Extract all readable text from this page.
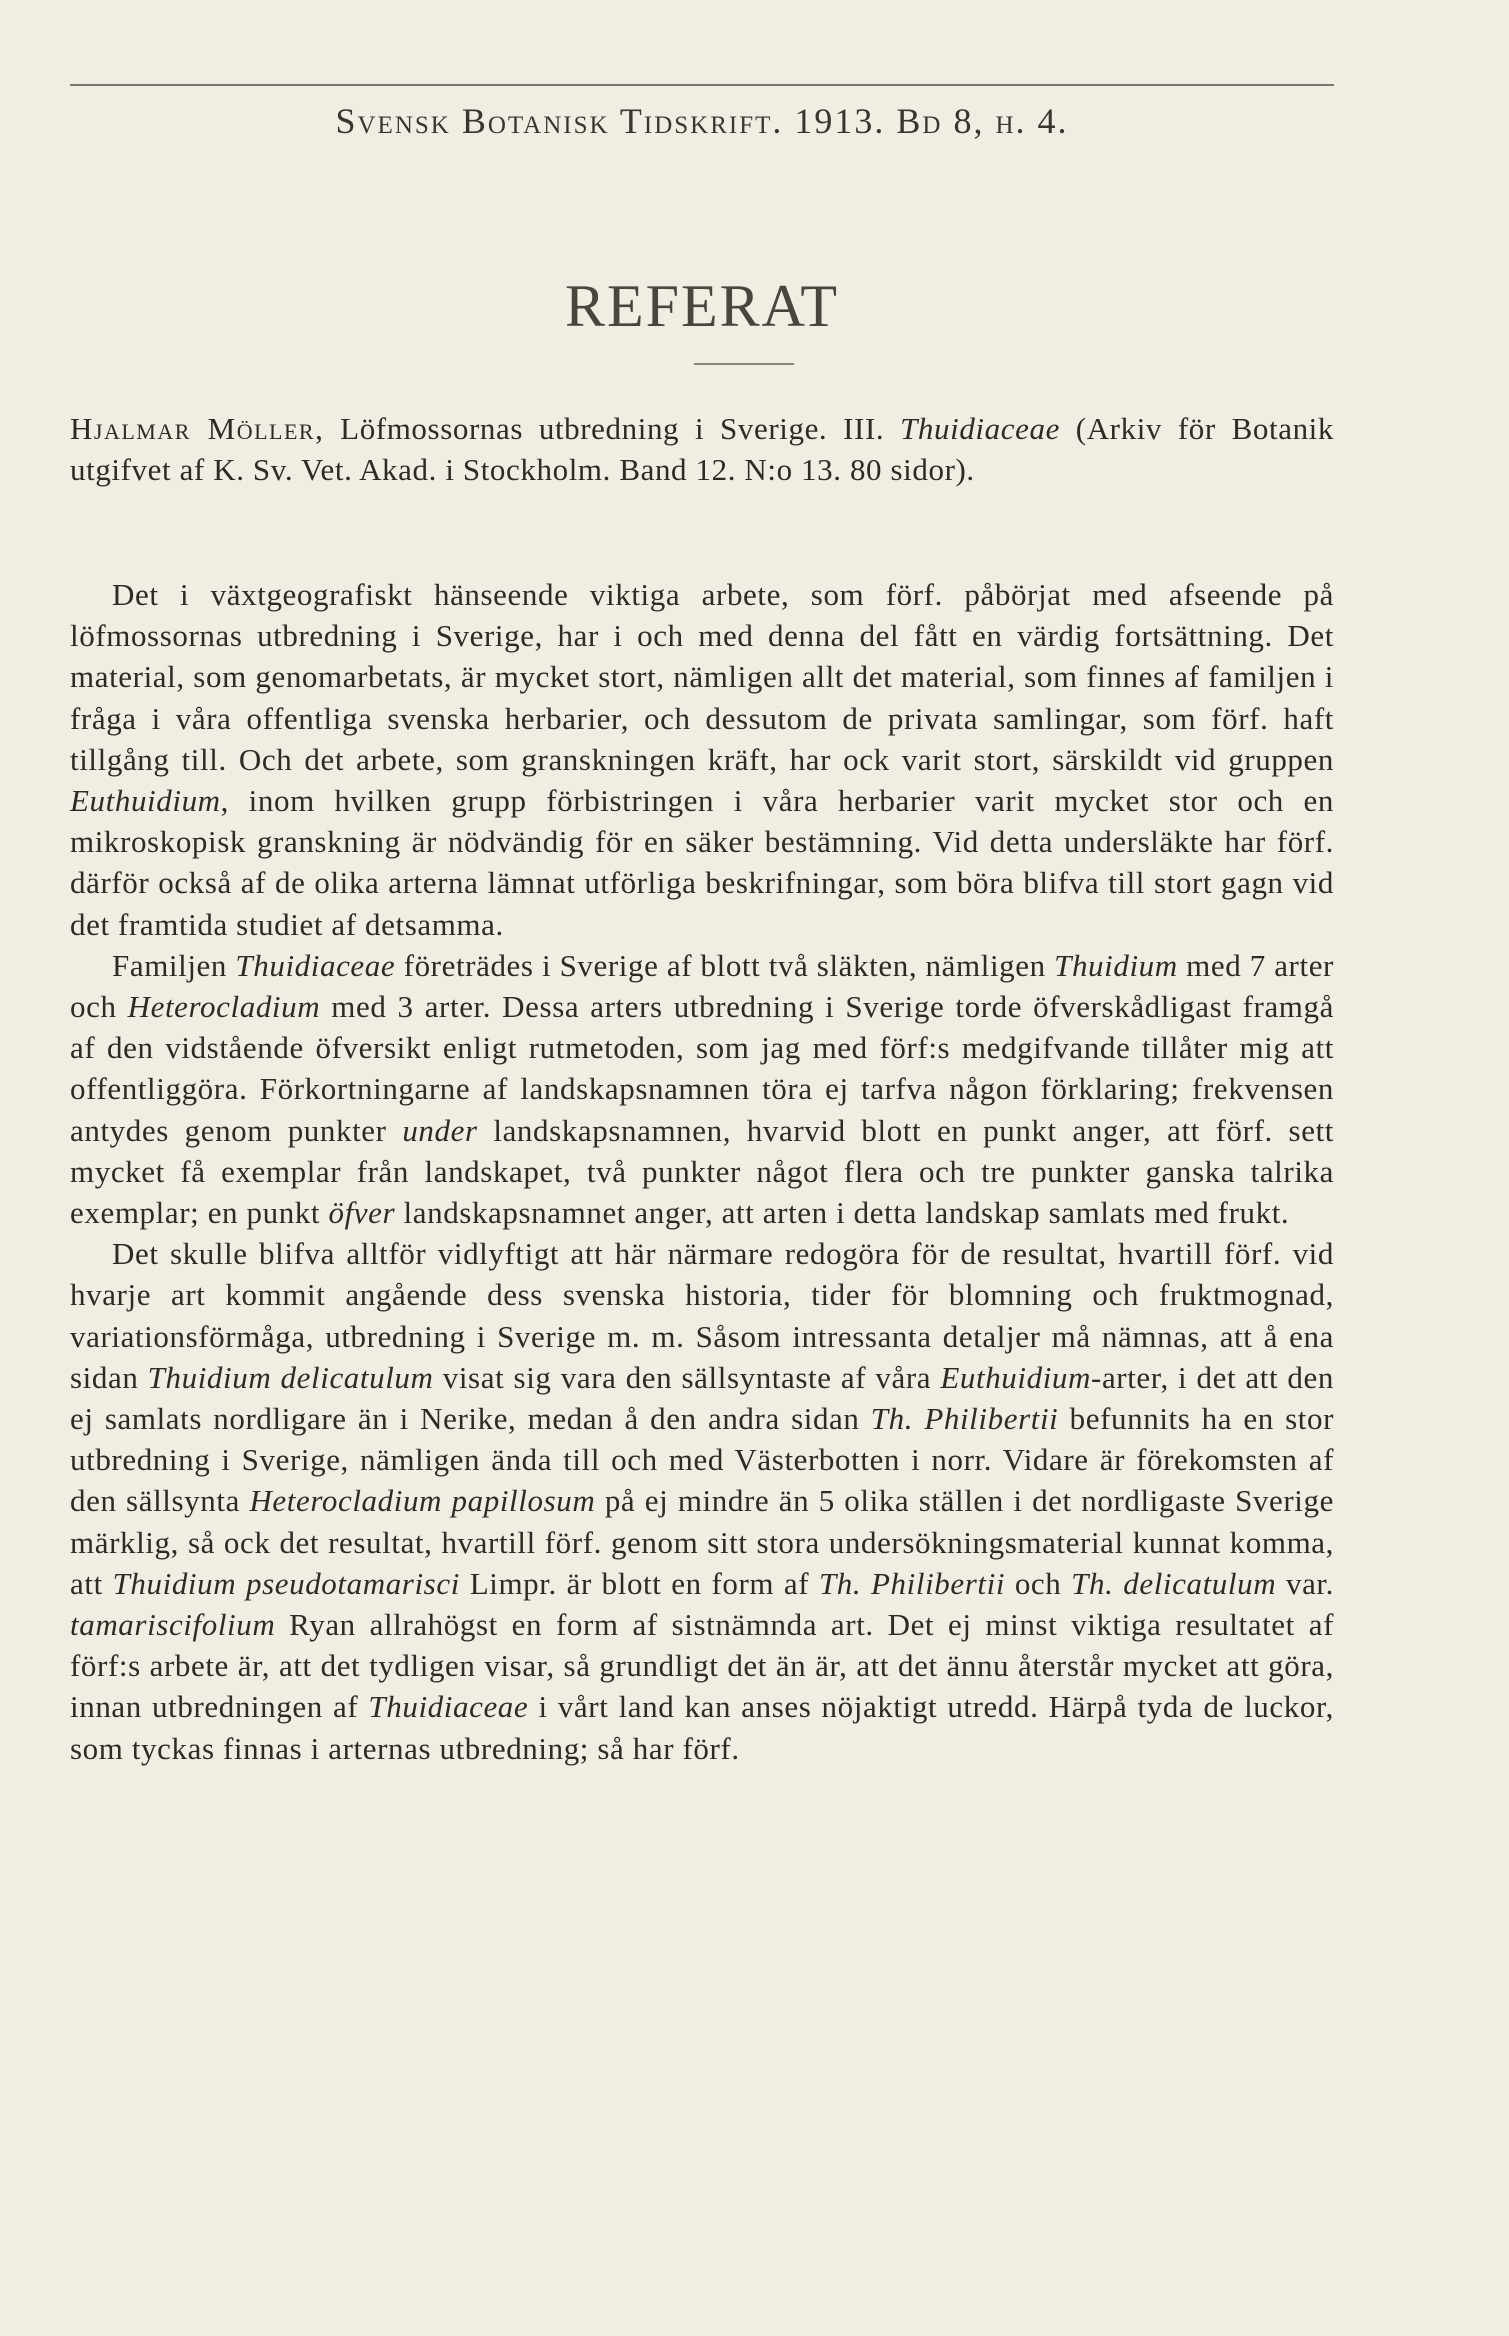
Svensk Botanisk Tidskrift. 1913. Bd 8, h. 4.
REFERAT
Hjalmar Möller, Löfmossornas utbredning i Sverige. III. Thuidiaceae (Arkiv för Botanik utgifvet af K. Sv. Vet. Akad. i Stockholm. Band 12. N:o 13. 80 sidor).

Det i växtgeografiskt hänseende viktiga arbete, som förf. påbörjat med afseende på löfmossornas utbredning i Sverige, har i och med denna del fått en värdig fortsättning. Det material, som genomarbetats, är mycket stort, nämligen allt det material, som finnes af familjen i fråga i våra offentliga svenska herbarier, och dessutom de privata samlingar, som förf. haft tillgång till. Och det arbete, som granskningen kräft, har ock varit stort, särskildt vid gruppen Euthuidium, inom hvilken grupp förbistringen i våra herbarier varit mycket stor och en mikroskopisk granskning är nödvändig för en säker bestämning. Vid detta undersläkte har förf. därför också af de olika arterna lämnat utförliga beskrifningar, som böra blifva till stort gagn vid det framtida studiet af detsamma.

Familjen Thuidiaceae företrädes i Sverige af blott två släkten, nämligen Thuidium med 7 arter och Heterocladium med 3 arter. Dessa arters utbredning i Sverige torde öfverskådligast framgå af den vidstående öfversikt enligt rutmetoden, som jag med förf:s medgifvande tillåter mig att offentliggöra. Förkortningarne af landskapsnamnen töra ej tarfva någon förklaring; frekvensen antydes genom punkter under landskapsnamnen, hvarvid blott en punkt anger, att förf. sett mycket få exemplar från landskapet, två punkter något flera och tre punkter ganska talrika exemplar; en punkt öfver landskapsnamnet anger, att arten i detta landskap samlats med frukt.

Det skulle blifva alltför vidlyftigt att här närmare redogöra för de resultat, hvartill förf. vid hvarje art kommit angående dess svenska historia, tider för blomning och fruktmognad, variationsförmåga, utbredning i Sverige m. m. Såsom intressanta detaljer må nämnas, att å ena sidan Thuidium delicatulum visat sig vara den sällsyntaste af våra Euthuidium-arter, i det att den ej samlats nordligare än i Nerike, medan å den andra sidan Th. Philibertii befunnits ha en stor utbredning i Sverige, nämligen ända till och med Västerbotten i norr. Vidare är förekomsten af den sällsynta Heterocladium papillosum på ej mindre än 5 olika ställen i det nordligaste Sverige märklig, så ock det resultat, hvartill förf. genom sitt stora undersökningsmaterial kunnat komma, att Thuidium pseudotamarisci Limpr. är blott en form af Th. Philibertii och Th. delicatulum var. tamariscifolium Ryan allrahögst en form af sistnämnda art. Det ej minst viktiga resultatet af förf:s arbete är, att det tydligen visar, så grundligt det än är, att det ännu återstår mycket att göra, innan utbredningen af Thuidiaceae i vårt land kan anses nöjaktigt utredd. Härpå tyda de luckor, som tyckas finnas i arternas utbredning; så har förf.
